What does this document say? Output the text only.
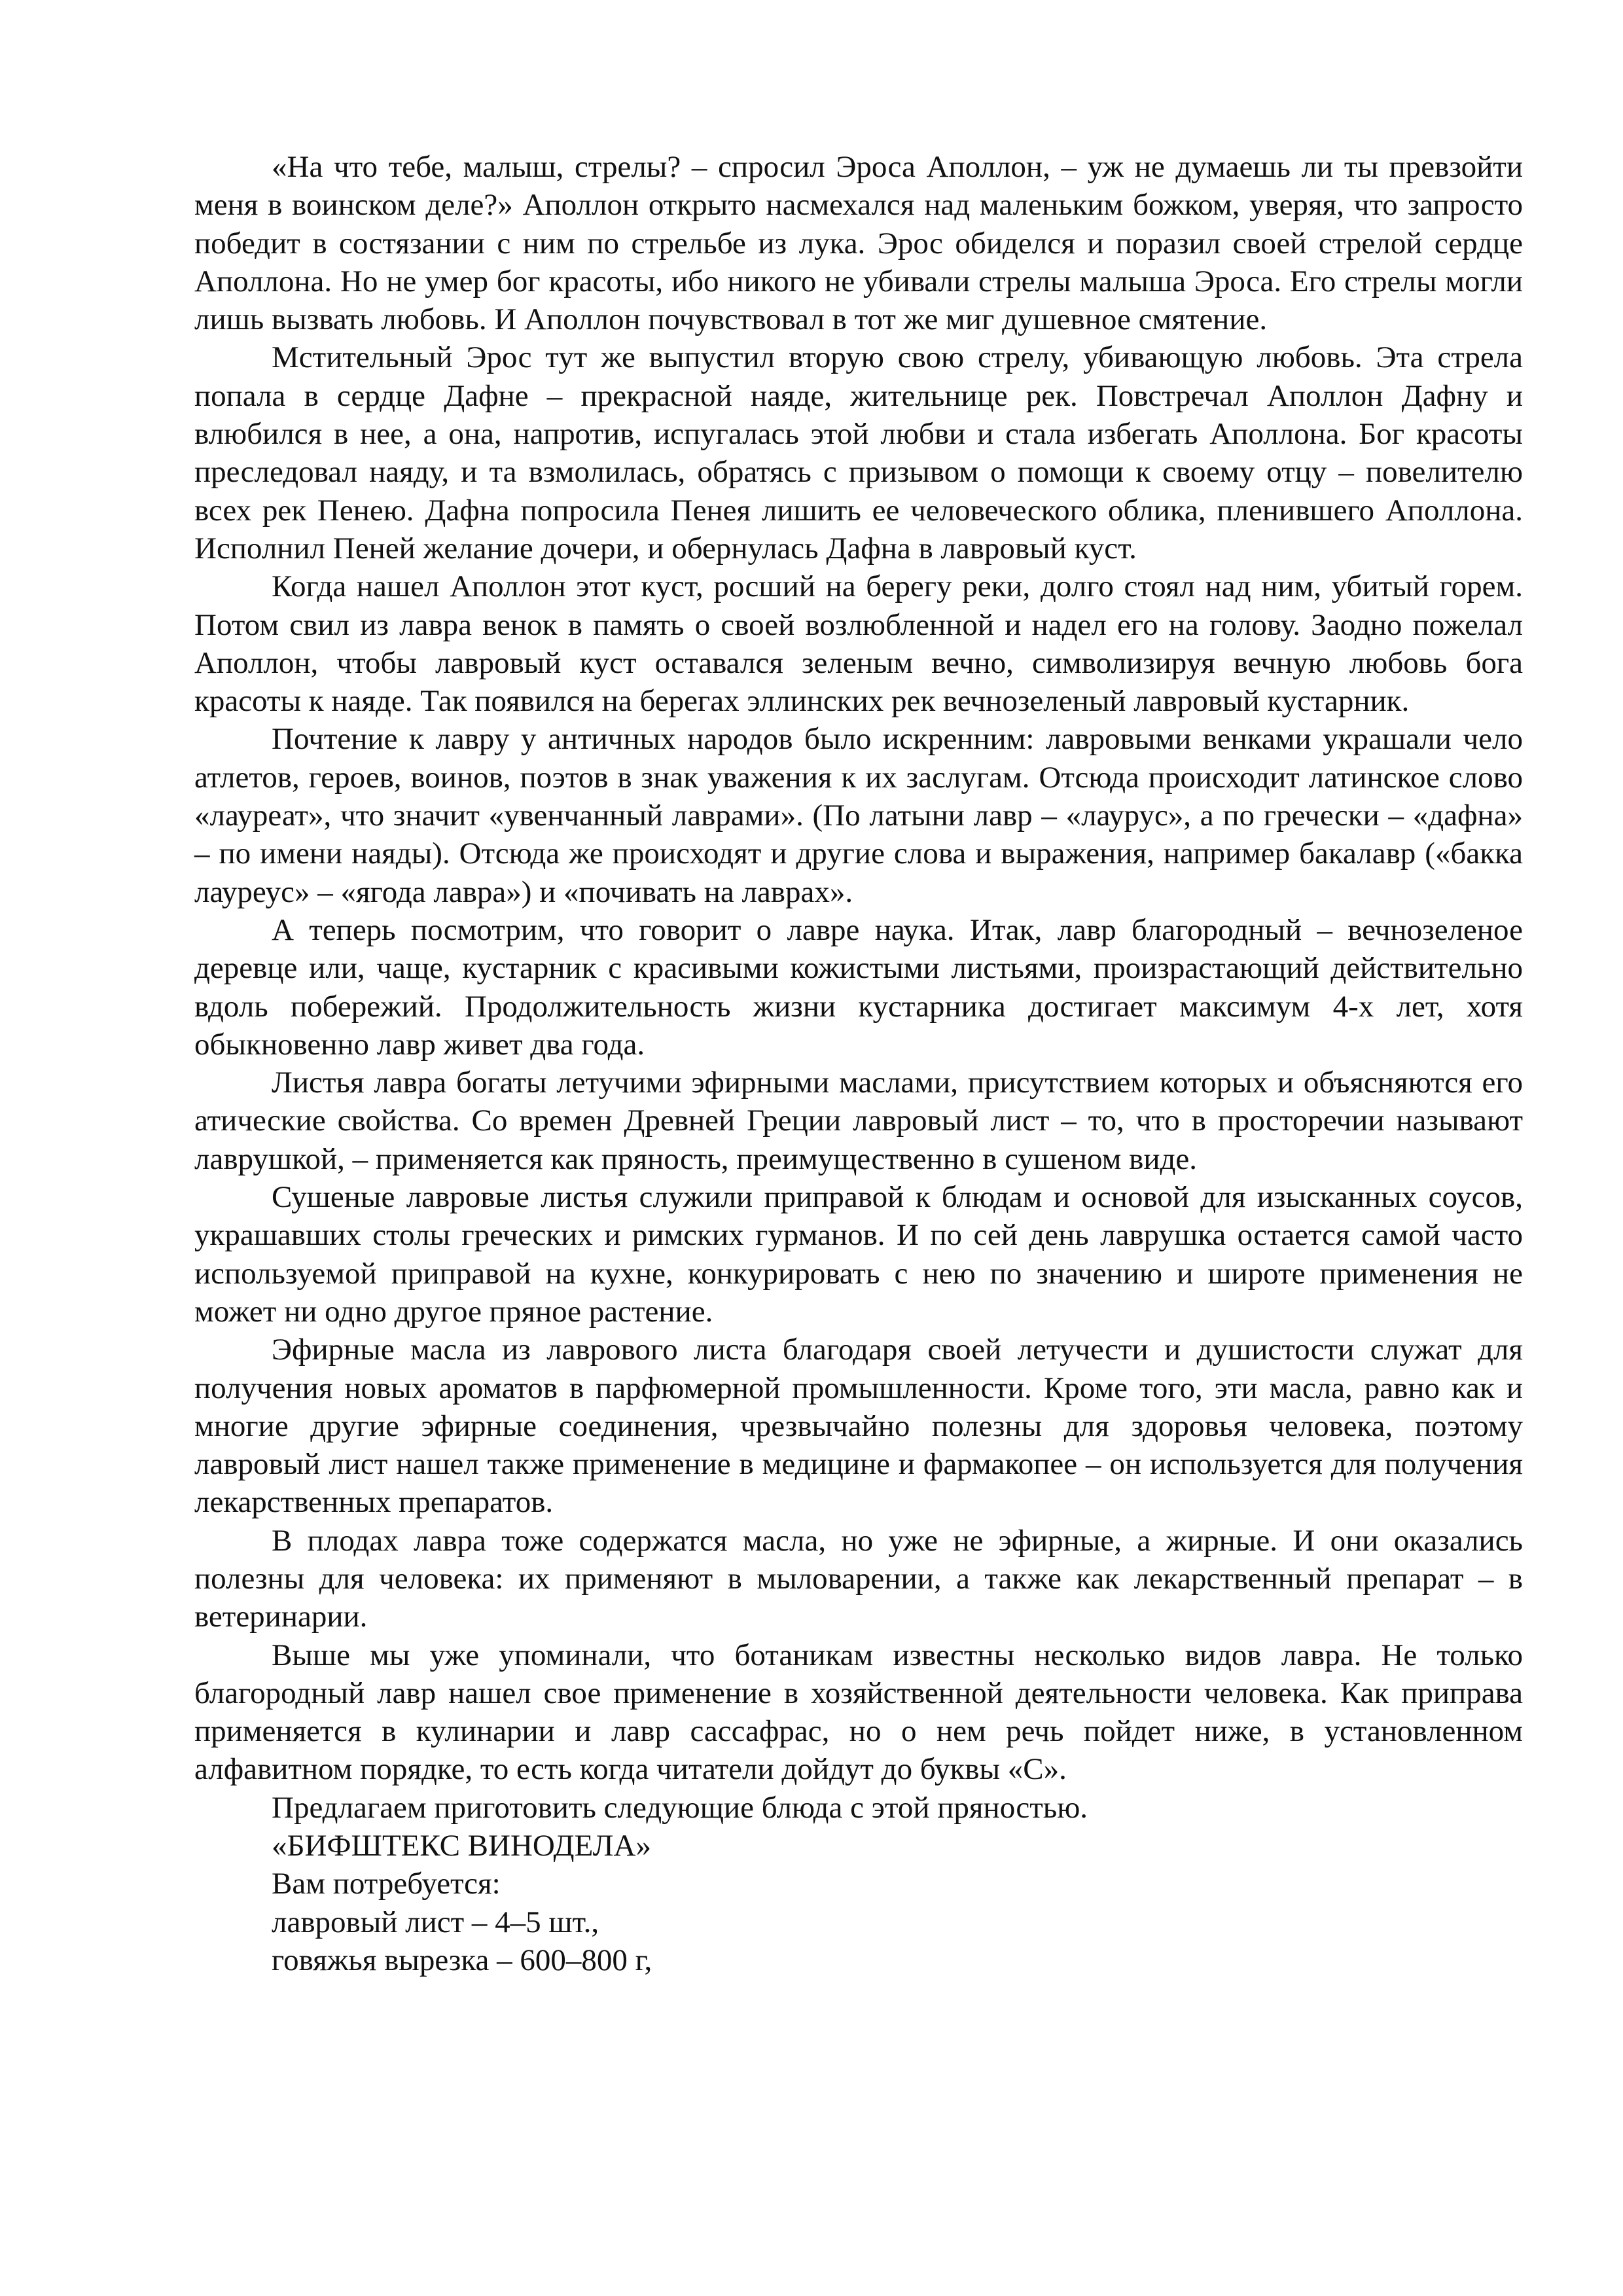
«На что тебе, малыш, стрелы? – спросил Эроса Аполлон, – уж не думаешь ли ты превзойти меня в воинском деле?» Аполлон открыто насмехался над маленьким божком, уверяя, что запросто победит в состязании с ним по стрельбе из лука. Эрос обиделся и поразил своей стрелой сердце Аполлона. Но не умер бог красоты, ибо никого не убивали стрелы малыша Эроса. Его стрелы могли лишь вызвать любовь. И Аполлон почувствовал в тот же миг душевное смятение.

Мстительный Эрос тут же выпустил вторую свою стрелу, убивающую любовь. Эта стрела попала в сердце Дафне – прекрасной наяде, жительнице рек. Повстречал Аполлон Дафну и влюбился в нее, а она, напротив, испугалась этой любви и стала избегать Аполлона. Бог красоты преследовал наяду, и та взмолилась, обратясь с призывом о помощи к своему отцу – повелителю всех рек Пенею. Дафна попросила Пенея лишить ее человеческого облика, пленившего Аполлона. Исполнил Пеней желание дочери, и обернулась Дафна в лавровый куст.

Когда нашел Аполлон этот куст, росший на берегу реки, долго стоял над ним, убитый горем. Потом свил из лавра венок в память о своей возлюбленной и надел его на голову. Заодно пожелал Аполлон, чтобы лавровый куст оставался зеленым вечно, символизируя вечную любовь бога красоты к наяде. Так появился на берегах эллинских рек вечнозеленый лавровый кустарник.

Почтение к лавру у античных народов было искренним: лавровыми венками украшали чело атлетов, героев, воинов, поэтов в знак уважения к их заслугам. Отсюда происходит латинское слово «лауреат», что значит «увенчанный лаврами». (По латыни лавр – «лаурус», а по гречески – «дафна» – по имени наяды). Отсюда же происходят и другие слова и выражения, например бакалавр («бакка лауреус» – «ягода лавра») и «почивать на лаврах».

А теперь посмотрим, что говорит о лавре наука. Итак, лавр благородный – вечнозеленое деревце или, чаще, кустарник с красивыми кожистыми листьями, произрастающий действительно вдоль побережий. Продолжительность жизни кустарника достигает максимум 4-х лет, хотя обыкновенно лавр живет два года.

Листья лавра богаты летучими эфирными маслами, присутствием которых и объясняются его атические свойства. Со времен Древней Греции лавровый лист – то, что в просторечии называют лаврушкой, – применяется как пряность, преимущественно в сушеном виде.

Сушеные лавровые листья служили приправой к блюдам и основой для изысканных соусов, украшавших столы греческих и римских гурманов. И по сей день лаврушка остается самой часто используемой приправой на кухне, конкурировать с нею по значению и широте применения не может ни одно другое пряное растение.

Эфирные масла из лаврового листа благодаря своей летучести и душистости служат для получения новых ароматов в парфюмерной промышленности. Кроме того, эти масла, равно как и многие другие эфирные соединения, чрезвычайно полезны для здоровья человека, поэтому лавровый лист нашел также применение в медицине и фармакопее – он используется для получения лекарственных препаратов.

В плодах лавра тоже содержатся масла, но уже не эфирные, а жирные. И они оказались полезны для человека: их применяют в мыловарении, а также как лекарственный препарат – в ветеринарии.

Выше мы уже упоминали, что ботаникам известны несколько видов лавра. Не только благородный лавр нашел свое применение в хозяйственной деятельности человека. Как приправа применяется в кулинарии и лавр сассафрас, но о нем речь пойдет ниже, в установленном алфавитном порядке, то есть когда читатели дойдут до буквы «С».

Предлагаем приготовить следующие блюда с этой пряностью.

«БИФШТЕКС ВИНОДЕЛА»

Вам потребуется:

лавровый лист – 4–5 шт.,

говяжья вырезка – 600–800 г,
